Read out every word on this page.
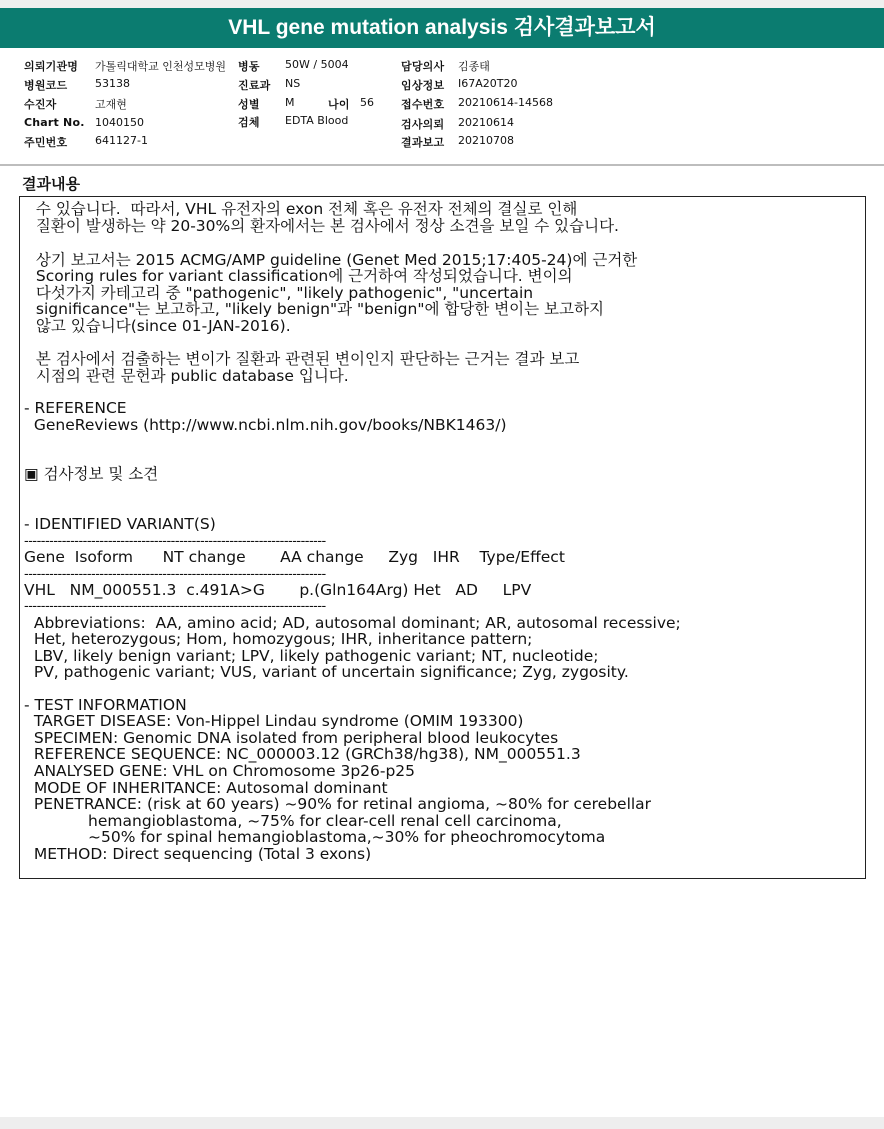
VHL gene mutation analysis 검사결과보고서
의뢰기관명 가톨릭대학교 인천성모병원 병동 50W / 5004	담당의사 김종태
병원코드	53138	진료과 NS	임상정보 I67A20T20
수진자	고재현	성별 M	나이 56 접수번호 20210614-14568
Chart No. 1040150	검체 EDTA Blood	검사의뢰 20210614
주민번호	641127-1	결과보고 20210708
결과내용
수 있습니다.  따라서, VHL 유전자의 exon 전체 혹은 유전자 전체의 결실로 인해
질환이 발생하는 약 20-30%의 환자에서는 본 검사에서 정상 소견을 보일 수 있습니다.
상기 보고서는 2015 ACMG/AMP guideline (Genet Med 2015;17:405-24)에 근거한
Scoring rules for variant classification에 근거하여 작성되었습니다. 변이의
다섯가지 카테고리 중 "pathogenic", "likely pathogenic", "uncertain
significance"는 보고하고, "likely benign"과 "benign"에 합당한 변이는 보고하지
않고 있습니다(since 01-JAN-2016).
본 검사에서 검출하는 변이가 질환과 관련된 변이인지 판단하는 근거는 결과 보고
시점의 관련 문헌과 public database 입니다.
- REFERENCE
GeneReviews (http://www.ncbi.nlm.nih.gov/books/NBK1463/)
▣ 검사정보 및 소견
- IDENTIFIED VARIANT(S)
------------------------------------------------------------------------
Gene  Isoform      NT change       AA change     Zyg   IHR    Type/Effect
------------------------------------------------------------------------
VHL   NM_000551.3  c.491A>G       p.(Gln164Arg) Het   AD     LPV
------------------------------------------------------------------------
Abbreviations:  AA, amino acid; AD, autosomal dominant; AR, autosomal recessive;
Het, heterozygous; Hom, homozygous; IHR, inheritance pattern;
LBV, likely benign variant; LPV, likely pathogenic variant; NT, nucleotide;
PV, pathogenic variant; VUS, variant of uncertain significance; Zyg, zygosity.
- TEST INFORMATION
TARGET DISEASE: Von-Hippel Lindau syndrome (OMIM 193300)
SPECIMEN: Genomic DNA isolated from peripheral blood leukocytes
REFERENCE SEQUENCE: NC_000003.12 (GRCh38/hg38), NM_000551.3
ANALYSED GENE: VHL on Chromosome 3p26-p25
MODE OF INHERITANCE: Autosomal dominant
PENETRANCE: (risk at 60 years) ~90% for retinal angioma, ~80% for cerebellar
hemangioblastoma, ~75% for clear-cell renal cell carcinoma,
~50% for spinal hemangioblastoma,~30% for pheochromocytoma
METHOD: Direct sequencing (Total 3 exons)
